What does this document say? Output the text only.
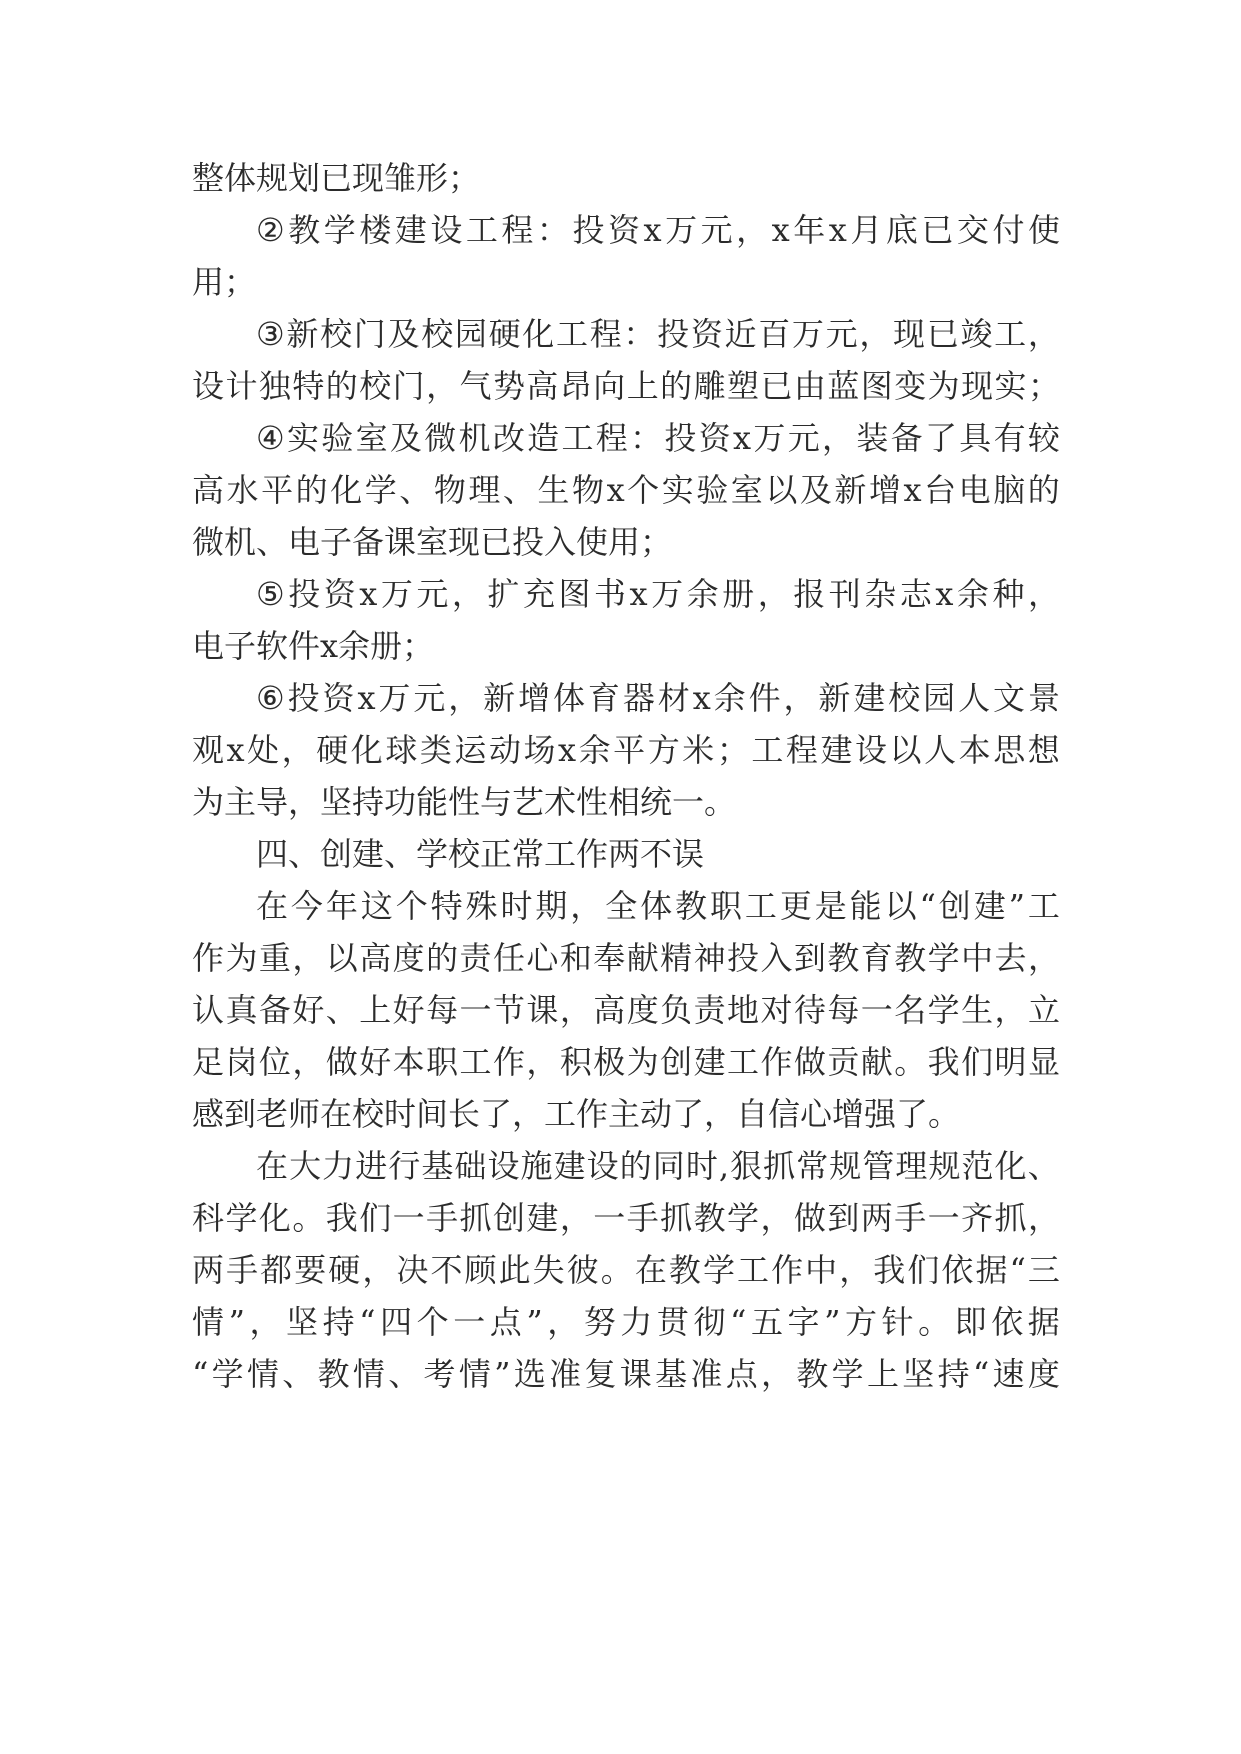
整体规划已现雏形；
② 教 学 楼 建 设 工 程 ： 投 资 x 万 元 ， x 年 x 月 底 已 交 付 使
用；
③ 新 校 门 及 校 园 硬 化 工 程 ： 投 资 近 百 万 元 ， 现 已 竣 工 ，
设 计 独 特 的 校 门 ， 气 势 高 昂 向 上 的 雕 塑 已 由 蓝 图 变 为 现 实 ；
④ 实 验 室 及 微 机 改 造 工 程 ： 投 资 x 万 元 ， 装 备 了 具 有 较
高 水 平 的 化 学 、 物 理 、 生 物 x 个 实 验 室 以 及 新 增 x 台 电 脑 的
微机、电子备课室现已投入使用；
⑤ 投 资 x 万 元 ， 扩 充 图 书 x 万 余 册 ， 报 刊 杂 志 x 余 种 ，
电子软件x余册；
⑥ 投 资 x 万 元 ， 新 增 体 育 器 材 x 余 件 ， 新 建 校 园 人 文 景
观 x 处 ， 硬 化 球 类 运 动 场 x 余 平 方 米 ； 工 程 建 设 以 人 本 思 想
为主导，坚持功能性与艺术性相统一。
四、创建、学校正常工作两不误
在 今 年 这 个 特 殊 时 期 ， 全 体 教 职 工 更 是 能 以 “ 创 建 ” 工
作 为 重 ， 以 高 度 的 责 任 心 和 奉 献 精 神 投 入 到 教 育 教 学 中 去 ，
认 真 备 好 、 上 好 每 一 节 课 ， 高 度 负 责 地 对 待 每 一 名 学 生 ， 立
足 岗 位 ， 做 好 本 职 工 作 ， 积 极 为 创 建 工 作 做 贡 献 。 我 们 明 显
感到老师在校时间长了，工作主动了，自信心增强了。
在 大 力 进 行 基 础 设 施 建 设 的 同 时 , 狠 抓 常 规 管 理 规 范 化 、
科 学 化 。 我 们 一 手 抓 创 建 ， 一 手 抓 教 学 ， 做 到 两 手 一 齐 抓 ，
两 手 都 要 硬 ， 决 不 顾 此 失 彼 。 在 教 学 工 作 中 ， 我 们 依 据 “ 三
情 ” ， 坚 持 “ 四 个 一 点 ” ， 努 力 贯 彻 “ 五 字 ” 方 针 。 即 依 据
“ 学 情 、 教 情 、 考 情 ” 选 准 复 课 基 准 点 ， 教 学 上 坚 持 “ 速 度
